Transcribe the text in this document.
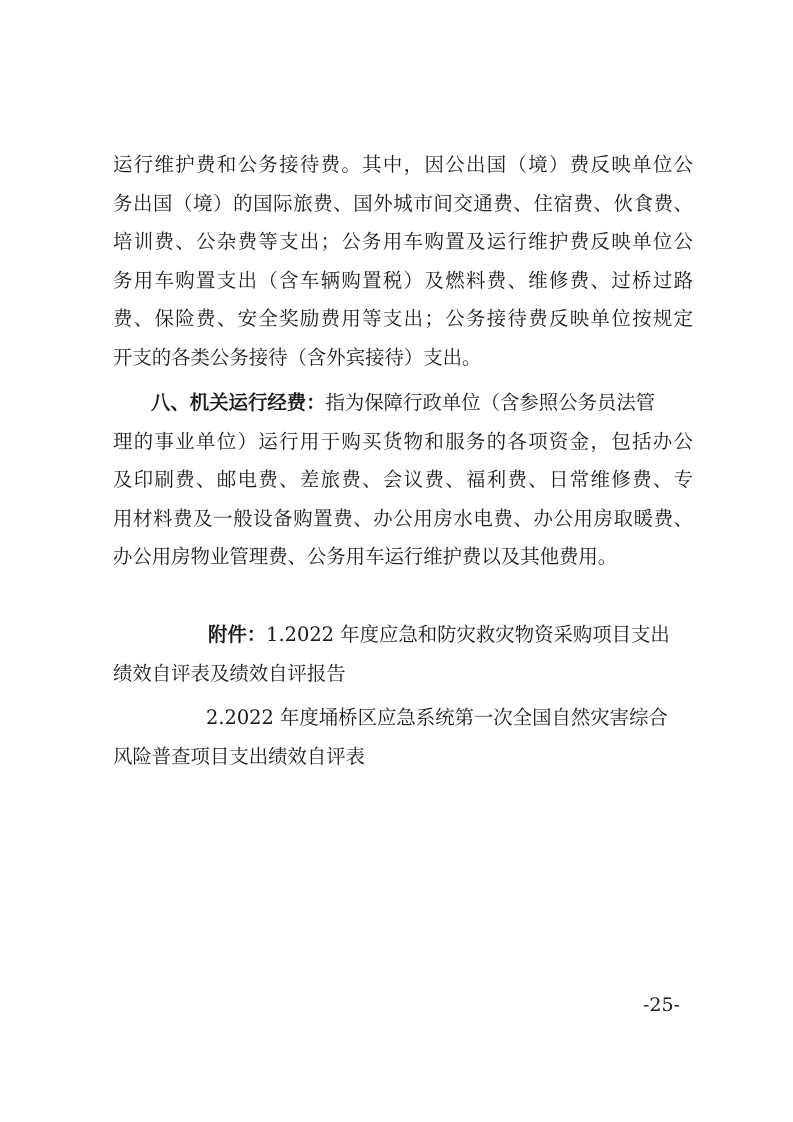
运行维护费和公务接待费。其中，因公出国（境）费反映单位公
务出国（境）的国际旅费、国外城市间交通费、住宿费、伙食费、
培训费、公杂费等支出；公务用车购置及运行维护费反映单位公
务用车购置支出（含车辆购置税）及燃料费、维修费、过桥过路
费、保险费、安全奖励费用等支出；公务接待费反映单位按规定
开支的各类公务接待（含外宾接待）支出。
八、机关运行经费：指为保障行政单位（含参照公务员法管
理的事业单位）运行用于购买货物和服务的各项资金，包括办公
及印刷费、邮电费、差旅费、会议费、福利费、日常维修费、专
用材料费及一般设备购置费、办公用房水电费、办公用房取暖费、
办公用房物业管理费、公务用车运行维护费以及其他费用。
附件：1.2022 年度应急和防灾救灾物资采购项目支出
绩效自评表及绩效自评报告
2.2022 年度埇桥区应急系统第一次全国自然灾害综合
风险普查项目支出绩效自评表
-25-
